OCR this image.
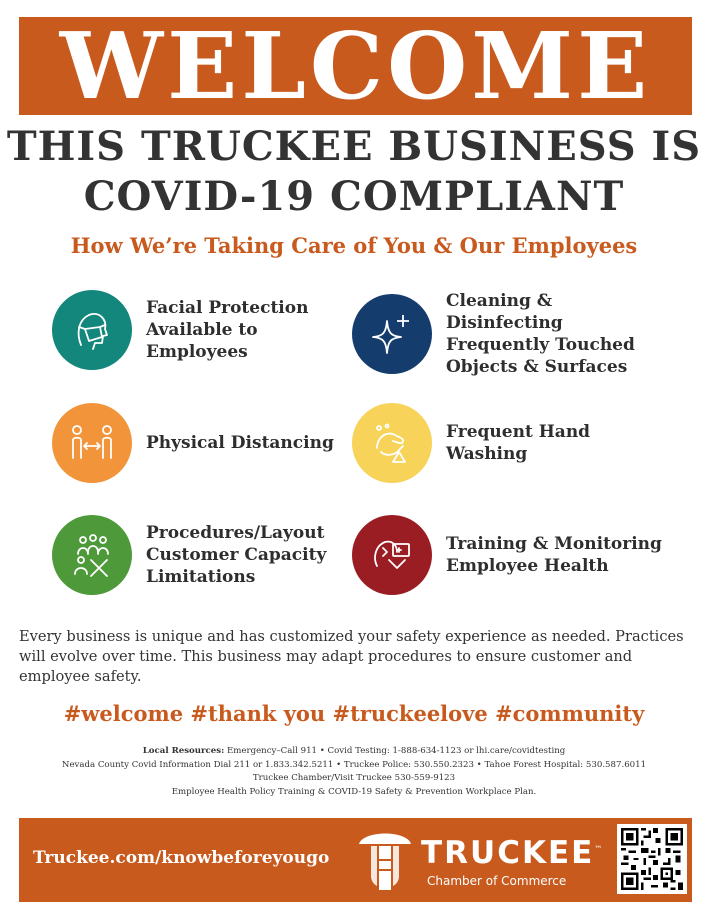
WELCOME
THIS TRUCKEE BUSINESS IS
COVID-19 COMPLIANT
How We’re Taking Care of You & Our Employees
Facial Protection
Available to
Employees
Cleaning &
Disinfecting
Frequently Touched
Objects & Surfaces
Physical Distancing
Frequent Hand
Washing
Procedures/Layout
Customer Capacity
Limitations
Training & Monitoring
Employee Health

Every business is unique and has customized your safety experience as needed. Practices will evolve over time. This business may adapt procedures to ensure customer and employee safety.

#welcome #thank you #truckeelove #community
Local Resources: Emergency–Call 911 • Covid Testing: 1-888-634-1123 or lhi.care/covidtesting
Nevada County Covid Information Dial 211 or 1.833.342.5211 • Truckee Police: 530.550.2323 • Tahoe Forest Hospital: 530.587.6011
Truckee Chamber/Visit Truckee 530-559-9123
Employee Health Policy Training & COVID-19 Safety & Prevention Workplace Plan.
Truckee.com/knowbeforeyougo	TRUCKEE™
Chamber of Commerce
